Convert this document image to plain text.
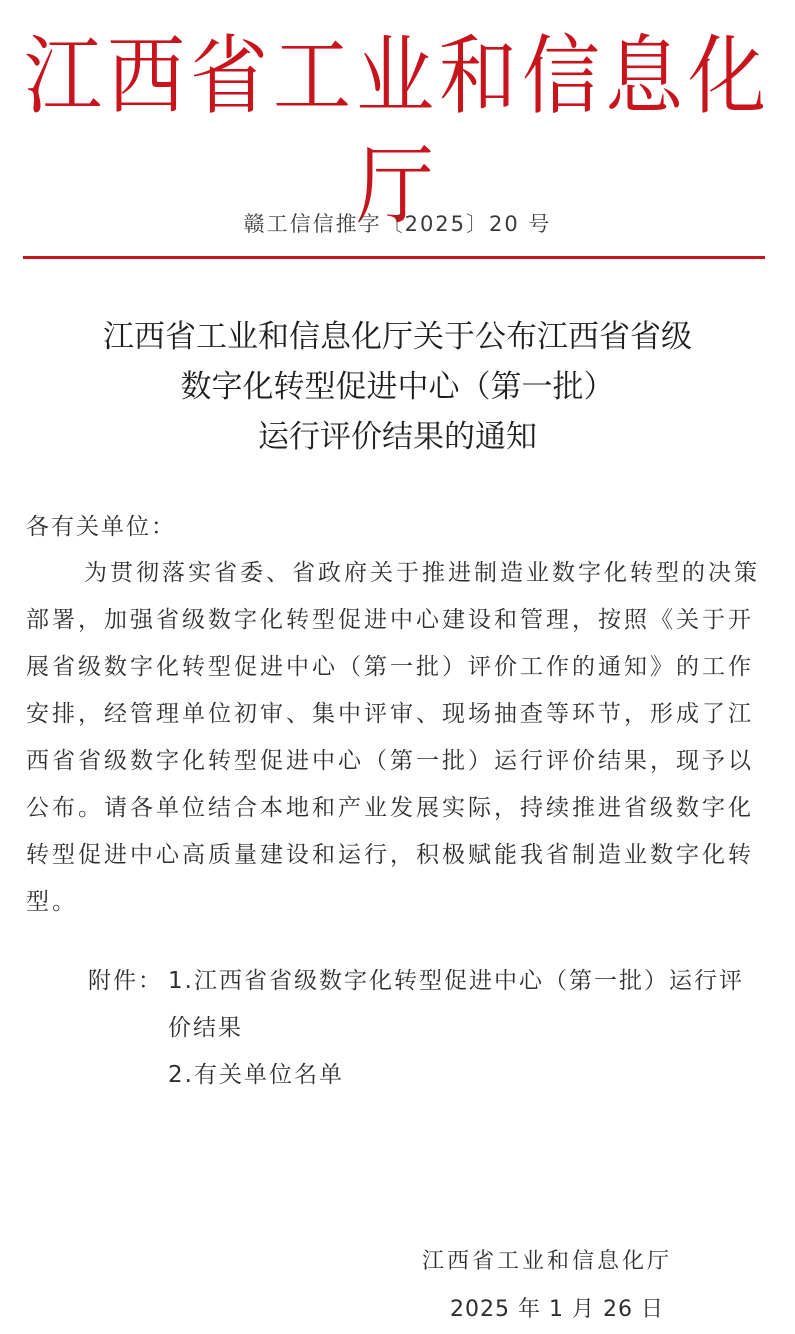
江西省工业和信息化厅
赣工信信推字〔2025〕20 号
江西省工业和信息化厅关于公布江西省省级
数字化转型促进中心（第一批）
运行评价结果的通知
各有关单位：
为贯彻落实省委、省政府关于推进制造业数字化转型的决策
部署，加强省级数字化转型促进中心建设和管理，按照《关于开
展省级数字化转型促进中心（第一批）评价工作的通知》的工作
安排，经管理单位初审、集中评审、现场抽查等环节，形成了江
西省省级数字化转型促进中心（第一批）运行评价结果，现予以
公布。请各单位结合本地和产业发展实际，持续推进省级数字化
转型促进中心高质量建设和运行，积极赋能我省制造业数字化转
型。
附件： 1.江西省省级数字化转型促进中心（第一批）运行评
价结果
2.有关单位名单
江西省工业和信息化厅
2025 年 1 月 26 日
